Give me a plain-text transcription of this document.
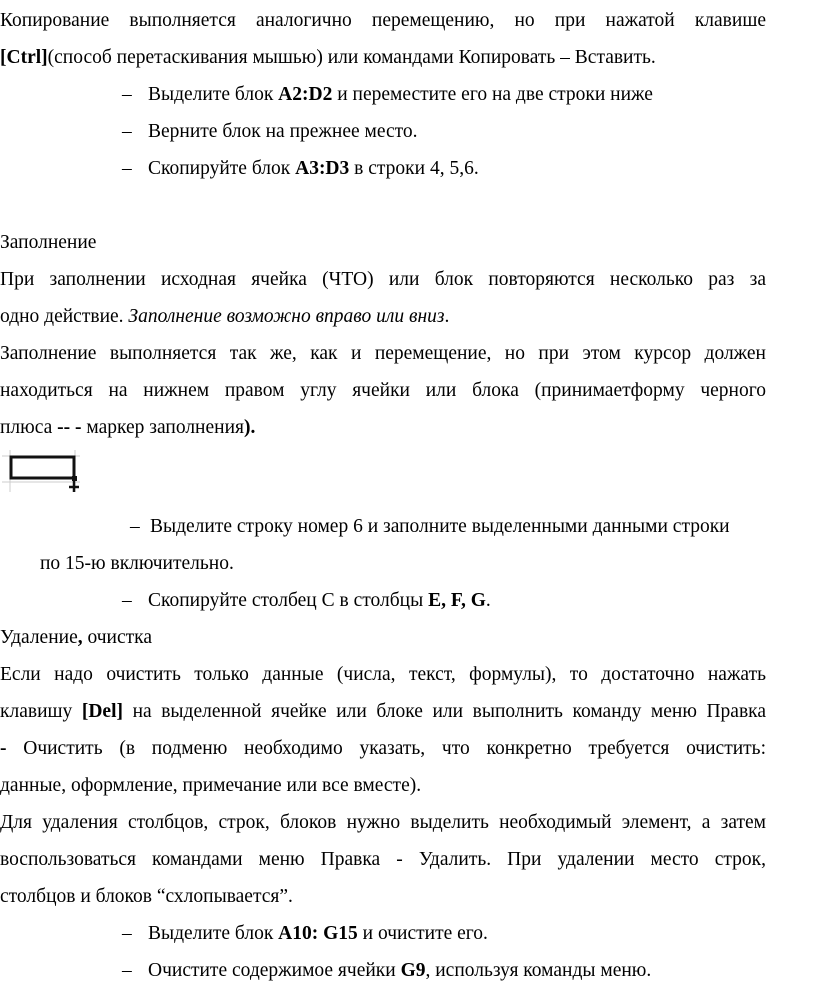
Копирование выполняется аналогично перемещению, но при нажатой клавише
[Ctrl](способ перетаскивания мышью) или командами Копировать – Вставить.
– Выделите блок A2:D2 и переместите его на две строки ниже
– Верните блок на прежнее место.
– Скопируйте блок A3:D3 в строки 4, 5,6.
Заполнение
При заполнении исходная ячейка (ЧТО) или блок повторяются несколько раз за
одно действие. Заполнение возможно вправо или вниз.
Заполнение выполняется так же, как и перемещение, но при этом курсор должен
находиться на нижнем правом углу ячейки или блока (принимаетформу черного
плюса -- - маркер заполнения).
– Выделите строку номер 6 и заполните выделенными данными строки
по 15-ю включительно.
– Скопируйте столбец С в столбцы E, F, G.
Удаление, очистка
Если надо очистить только данные (числа, текст, формулы), то достаточно нажать
клавишу [Del] на выделенной ячейке или блоке или выполнить команду меню Правка
- Очистить (в подменю необходимо указать, что конкретно требуется очистить:
данные, оформление, примечание или все вместе).
Для удаления столбцов, строк, блоков нужно выделить необходимый элемент, а затем
воспользоваться командами меню Правка - Удалить. При удалении место строк,
столбцов и блоков “схлопывается”.
– Выделите блок A10: G15 и очистите его.
– Очистите содержимое ячейки G9, используя команды меню.
